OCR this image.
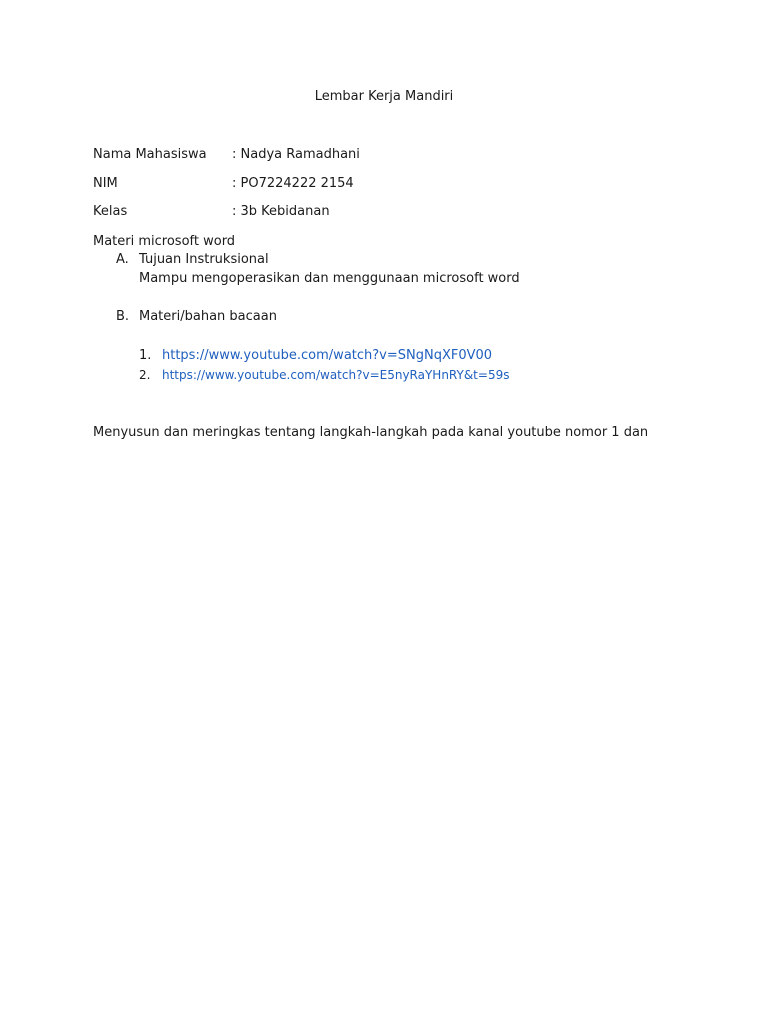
Lembar Kerja Mandiri
Nama Mahasiswa	: Nadya Ramadhani
NIM	: PO7224222 2154
Kelas	: 3b Kebidanan
Materi microsoft word
A. Tujuan Instruksional
Mampu mengoperasikan dan menggunaan microsoft word
B. Materi/bahan bacaan
1. https://www.youtube.com/watch?v=SNgNqXF0V00
2. https://www.youtube.com/watch?v=E5nyRaYHnRY&t=59s
Menyusun dan meringkas tentang langkah-langkah pada kanal youtube nomor 1 dan
